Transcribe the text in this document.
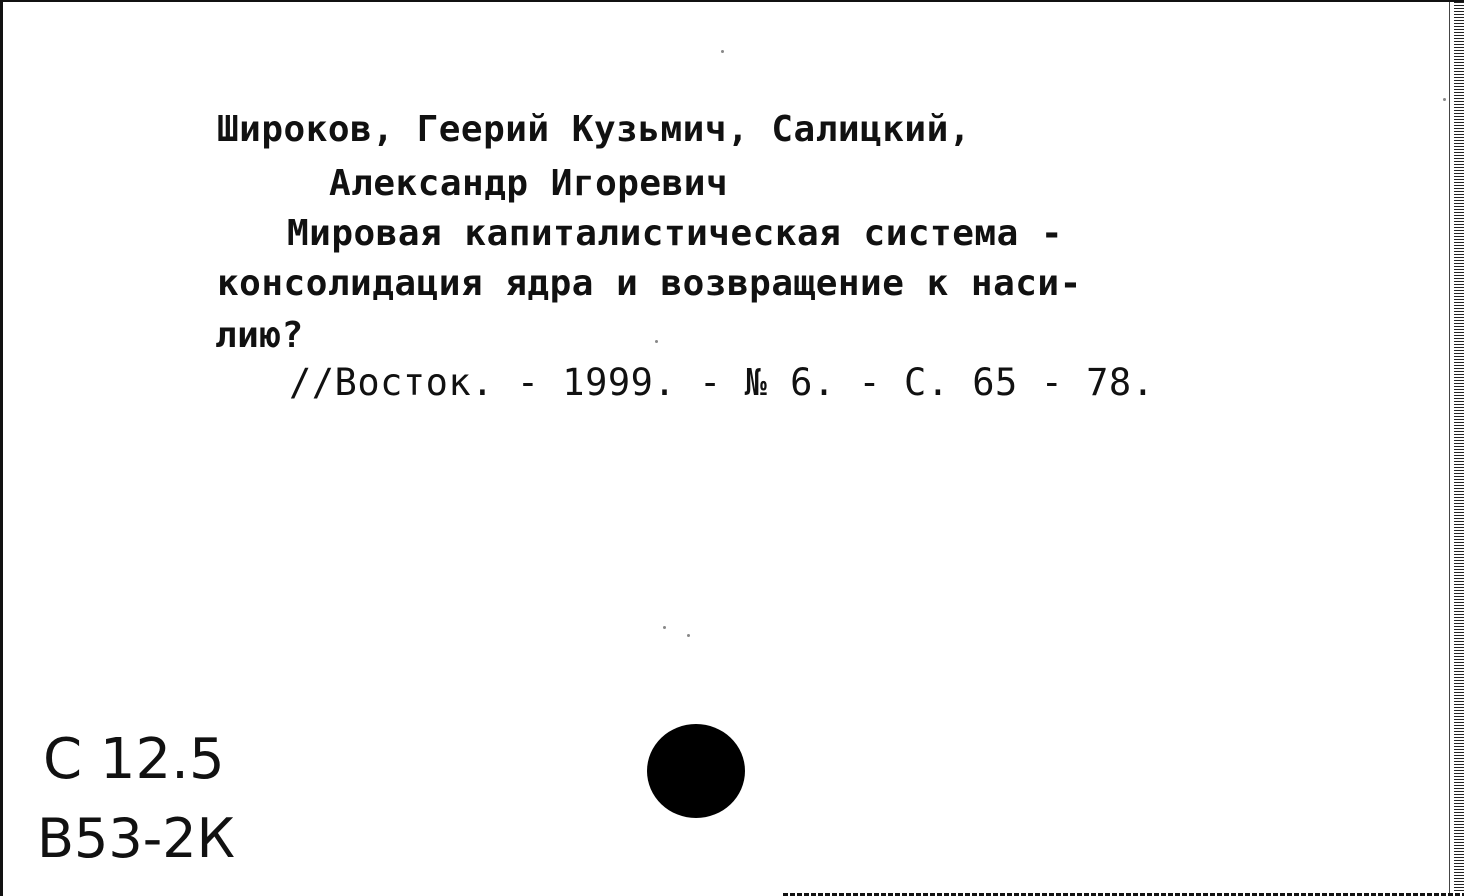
Широков, Геерий Кузьмич, Салицкий,
Александр Игоревич
Мировая капиталистическая система -
консолидация ядра и возвращение к наси-
лию?
//Восток. - 1999. - № 6. - С. 65 - 78.
С 12.5
В53-2К
